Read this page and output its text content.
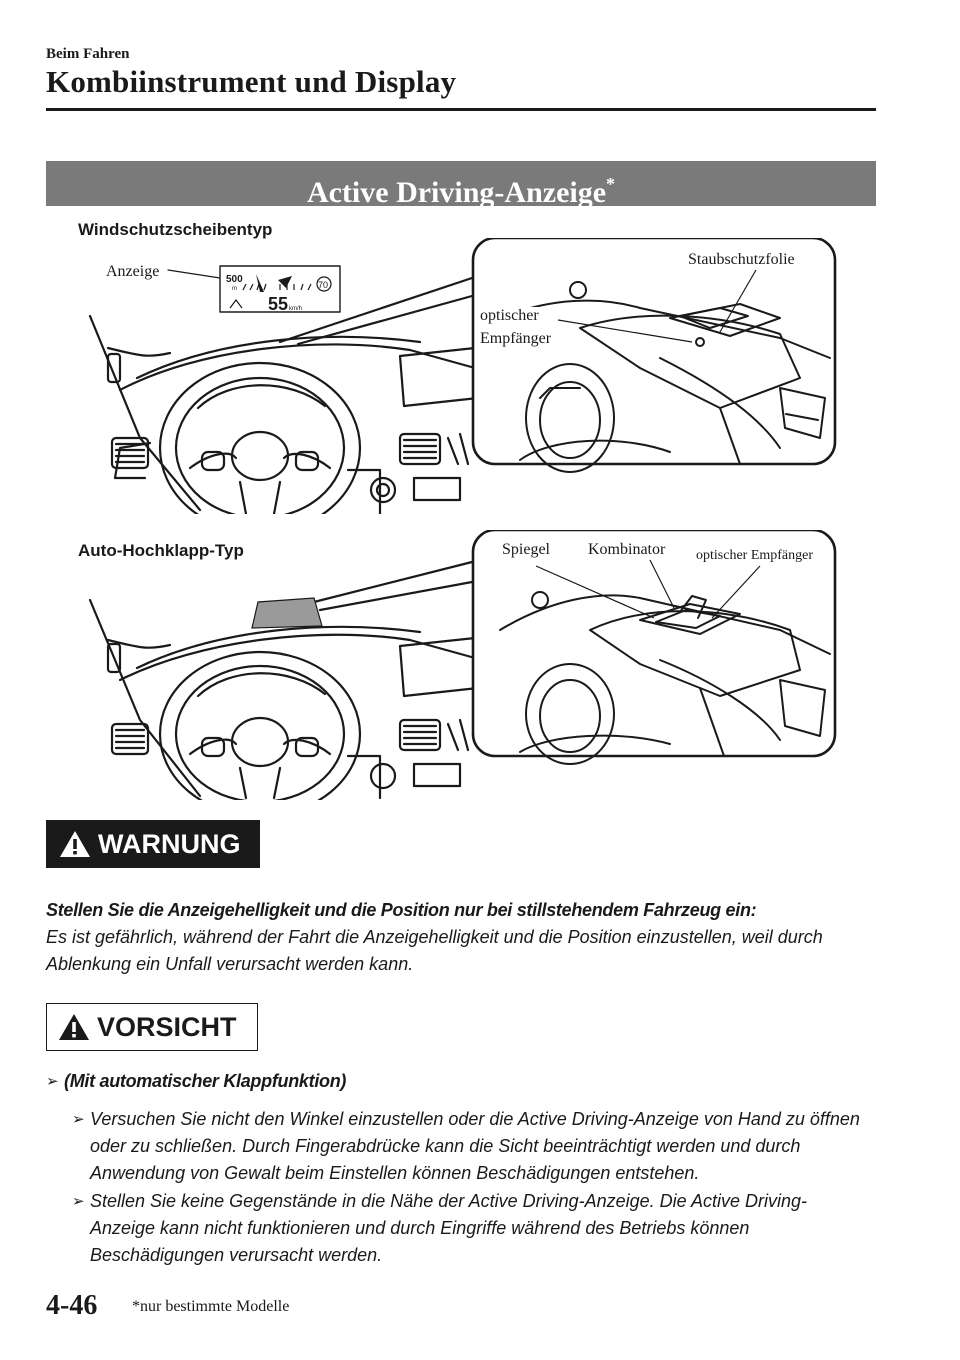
Beim Fahren
Kombiinstrument und Display
Active Driving-Anzeige*
Windschutzscheibentyp
500
m
55 km/h
70
Anzeige
Staubschutzfolie
optischer
Empfänger
Auto-Hochklapp-Typ	Spiegel Kombinator optischer Empfänger
WARNUNG
Stellen Sie die Anzeigehelligkeit und die Position nur bei stillstehendem Fahrzeug ein:
Es ist gefährlich, während der Fahrt die Anzeigehelligkeit und die Position einzustellen, weil durch Ablenkung ein Unfall verursacht werden kann.
VORSICHT
➢ (Mit automatischer Klappfunktion)
➢ Versuchen Sie nicht den Winkel einzustellen oder die Active Driving-Anzeige von Hand zu öffnen oder zu schließen. Durch Fingerabdrücke kann die Sicht beeinträchtigt werden und durch Anwendung von Gewalt beim Einstellen können Beschädigungen entstehen.
➢ Stellen Sie keine Gegenstände in die Nähe der Active Driving-Anzeige. Die Active Driving-Anzeige kann nicht funktionieren und durch Eingriffe während des Betriebs können Beschädigungen verursacht werden.
4-46 *nur bestimmte Modelle
